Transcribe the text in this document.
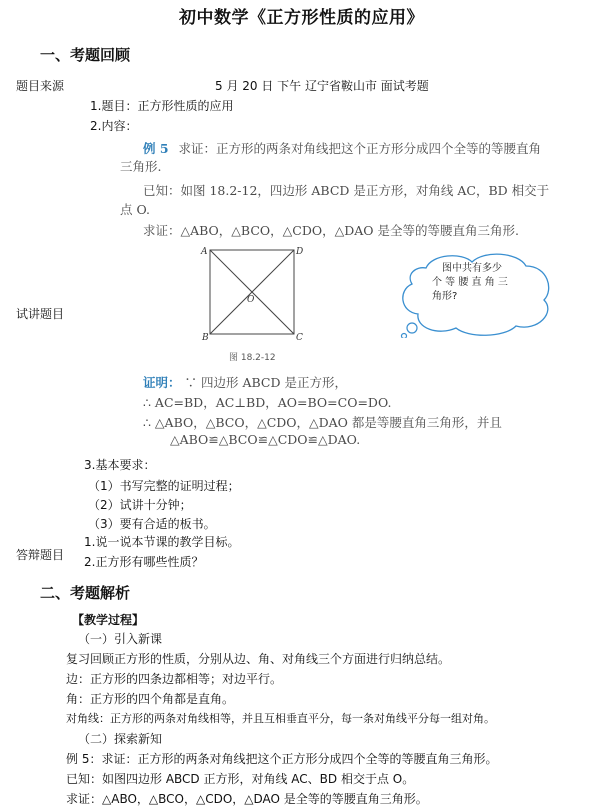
初中数学《正方形性质的应用》
一、考题回顾
题目来源	5 月 20 日 下午 辽宁省鞍山市 面试考题
1.题目：正方形性质的应用
2.内容：
例 5 求证：正方形的两条对角线把这个正方形分成四个全等的等腰直角
三角形.
已知：如图 18.2-12，四边形 ABCD 是正方形，对角线 AC，BD 相交于
点 O.
求证：△ABO，△BCO，△CDO，△DAO 是全等的等腰直角三角形.
A	D
B	C
O
图 18.2-12
图中共有多少
个 等 腰 直 角 三
角形?
试讲题目
证明： ∵ 四边形 ABCD 是正方形，
∴ AC=BD，AC⊥BD，AO=BO=CO=DO.
∴ △ABO，△BCO，△CDO，△DAO 都是等腰直角三角形，并且
△ABO≌△BCO≌△CDO≌△DAO.
3.基本要求：
（1）书写完整的证明过程；
（2）试讲十分钟；
（3）要有合适的板书。
1.说一说本节课的教学目标。
答辩题目 2.正方形有哪些性质？
二、考题解析
【教学过程】
（一）引入新课
复习回顾正方形的性质，分别从边、角、对角线三个方面进行归纳总结。
边：正方形的四条边都相等；对边平行。
角：正方形的四个角都是直角。
对角线：正方形的两条对角线相等，并且互相垂直平分，每一条对角线平分每一组对角。
（二）探索新知
例 5：求证：正方形的两条对角线把这个正方形分成四个全等的等腰直角三角形。
已知：如图四边形 ABCD 正方形，对角线 AC、BD 相交于点 O。
求证：△ABO，△BCO，△CDO，△DAO 是全等的等腰直角三角形。
